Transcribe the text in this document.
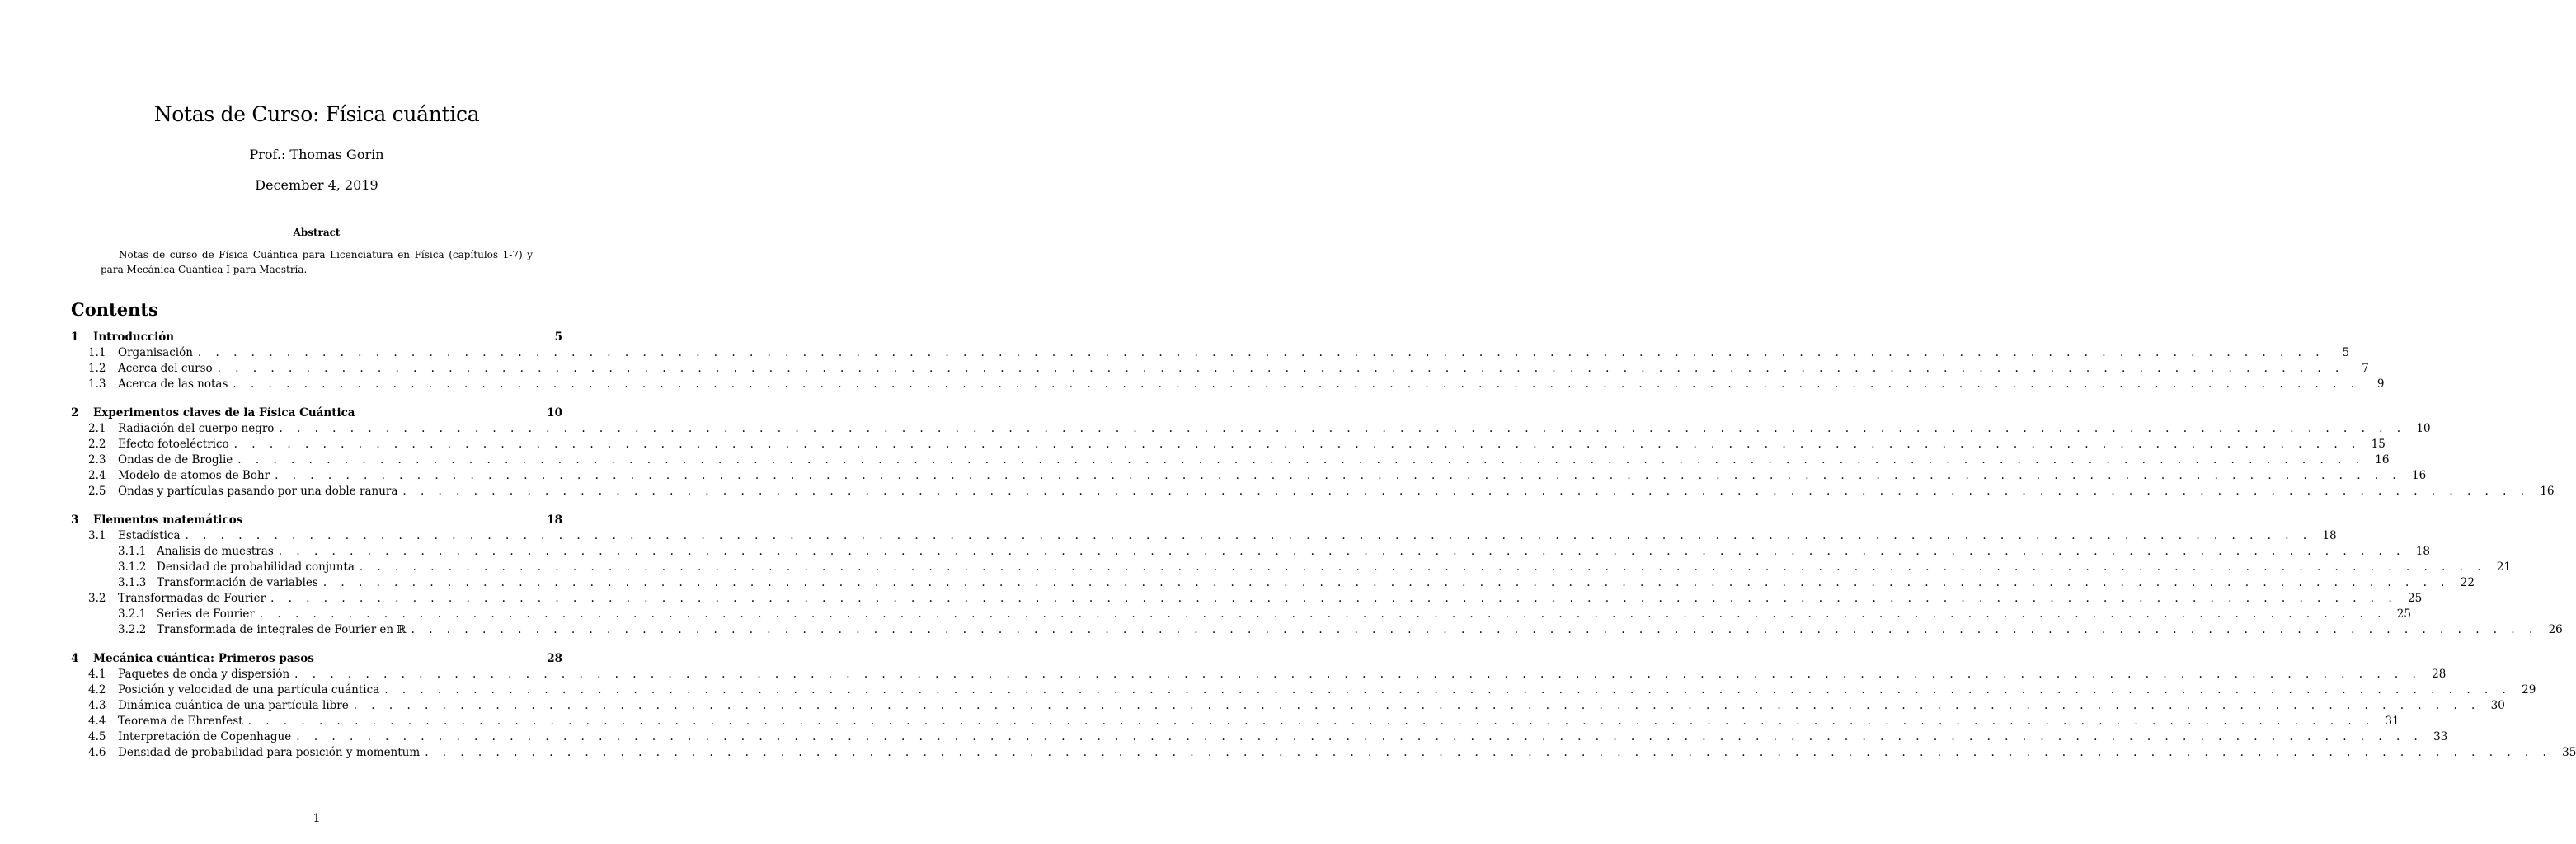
Notas de Curso: Física cuántica
Prof.: Thomas Gorin
December 4, 2019
Abstract
Notas de curso de Física Cuántica para Licenciatura en Física (capítulos 1-7) y para Mecánica Cuántica I para Maestría.
Contents
1	Introducción	5
1.1	Organisación . . . . . . . . . . . . . . . . . . . . . . . . . . . . . . . . . . . . . . . . . . . . . . . . . . . . . . . . . . . . . . . . . . . . . . . . . . . . . . . . . . . . . . . . . . . . . . . . . . . . . . . . . . . . . . . . . . . . . . . .	5
1.2	Acerca del curso . . . . . . . . . . . . . . . . . . . . . . . . . . . . . . . . . . . . . . . . . . . . . . . . . . . . . . . . . . . . . . . . . . . . . . . . . . . . . . . . . . . . . . . . . . . . . . . . . . . . . . . . . . . . . . . . . . . . . . . .	7
1.3	Acerca de las notas . . . . . . . . . . . . . . . . . . . . . . . . . . . . . . . . . . . . . . . . . . . . . . . . . . . . . . . . . . . . . . . . . . . . . . . . . . . . . . . . . . . . . . . . . . . . . . . . . . . . . . . . . . . . . . . . . . . . . . . .	9
2	Experimentos claves de la Física Cuántica	10
2.1	Radiación del cuerpo negro . . . . . . . . . . . . . . . . . . . . . . . . . . . . . . . . . . . . . . . . . . . . . . . . . . . . . . . . . . . . . . . . . . . . . . . . . . . . . . . . . . . . . . . . . . . . . . . . . . . . . . . . . . . . . . . . . . . . . . . . 10
2.2	Efecto fotoeléctrico . . . . . . . . . . . . . . . . . . . . . . . . . . . . . . . . . . . . . . . . . . . . . . . . . . . . . . . . . . . . . . . . . . . . . . . . . . . . . . . . . . . . . . . . . . . . . . . . . . . . . . . . . . . . . . . . . . . . . . . . 15
2.3	Ondas de de Broglie . . . . . . . . . . . . . . . . . . . . . . . . . . . . . . . . . . . . . . . . . . . . . . . . . . . . . . . . . . . . . . . . . . . . . . . . . . . . . . . . . . . . . . . . . . . . . . . . . . . . . . . . . . . . . . . . . . . . . . . . 16
2.4	Modelo de atomos de Bohr . . . . . . . . . . . . . . . . . . . . . . . . . . . . . . . . . . . . . . . . . . . . . . . . . . . . . . . . . . . . . . . . . . . . . . . . . . . . . . . . . . . . . . . . . . . . . . . . . . . . . . . . . . . . . . . . . . . . . . . . 16
2.5	Ondas y partículas pasando por una doble ranura . . . . . . . . . . . . . . . . . . . . . . . . . . . . . . . . . . . . . . . . . . . . . . . . . . . . . . . . . . . . . . . . . . . . . . . . . . . . . . . . . . . . . . . . . . . . . . . . . . . . . . . . . . . . . . . . . . . . . . . . 16
3	Elementos matemáticos	18
3.1	Estadística . . . . . . . . . . . . . . . . . . . . . . . . . . . . . . . . . . . . . . . . . . . . . . . . . . . . . . . . . . . . . . . . . . . . . . . . . . . . . . . . . . . . . . . . . . . . . . . . . . . . . . . . . . . . . . . . . . . . . . . . 18
3.1.1 Analisis de muestras . . . . . . . . . . . . . . . . . . . . . . . . . . . . . . . . . . . . . . . . . . . . . . . . . . . . . . . . . . . . . . . . . . . . . . . . . . . . . . . . . . . . . . . . . . . . . . . . . . . . . . . . . . . . . . . . . . . . . . . . 18
3.1.2 Densidad de probabilidad conjunta . . . . . . . . . . . . . . . . . . . . . . . . . . . . . . . . . . . . . . . . . . . . . . . . . . . . . . . . . . . . . . . . . . . . . . . . . . . . . . . . . . . . . . . . . . . . . . . . . . . . . . . . . . . . . . . . . . . . . . . . 21
3.1.3 Transformación de variables . . . . . . . . . . . . . . . . . . . . . . . . . . . . . . . . . . . . . . . . . . . . . . . . . . . . . . . . . . . . . . . . . . . . . . . . . . . . . . . . . . . . . . . . . . . . . . . . . . . . . . . . . . . . . . . . . . . . . . . . 22
3.2	Transformadas de Fourier . . . . . . . . . . . . . . . . . . . . . . . . . . . . . . . . . . . . . . . . . . . . . . . . . . . . . . . . . . . . . . . . . . . . . . . . . . . . . . . . . . . . . . . . . . . . . . . . . . . . . . . . . . . . . . . . . . . . . . . . 25
3.2.1 Series de Fourier . . . . . . . . . . . . . . . . . . . . . . . . . . . . . . . . . . . . . . . . . . . . . . . . . . . . . . . . . . . . . . . . . . . . . . . . . . . . . . . . . . . . . . . . . . . . . . . . . . . . . . . . . . . . . . . . . . . . . . . . 25
3.2.2 Transformada de integrales de Fourier en ℝ . . . . . . . . . . . . . . . . . . . . . . . . . . . . . . . . . . . . . . . . . . . . . . . . . . . . . . . . . . . . . . . . . . . . . . . . . . . . . . . . . . . . . . . . . . . . . . . . . . . . . . . . . . . . . . . . . . . . . . . . 26
4	Mecánica cuántica: Primeros pasos	28
4.1	Paquetes de onda y dispersión . . . . . . . . . . . . . . . . . . . . . . . . . . . . . . . . . . . . . . . . . . . . . . . . . . . . . . . . . . . . . . . . . . . . . . . . . . . . . . . . . . . . . . . . . . . . . . . . . . . . . . . . . . . . . . . . . . . . . . . . 28
4.2	Posición y velocidad de una partícula cuántica . . . . . . . . . . . . . . . . . . . . . . . . . . . . . . . . . . . . . . . . . . . . . . . . . . . . . . . . . . . . . . . . . . . . . . . . . . . . . . . . . . . . . . . . . . . . . . . . . . . . . . . . . . . . . . . . . . . . . . . . 29
4.3	Dinámica cuántica de una partícula libre . . . . . . . . . . . . . . . . . . . . . . . . . . . . . . . . . . . . . . . . . . . . . . . . . . . . . . . . . . . . . . . . . . . . . . . . . . . . . . . . . . . . . . . . . . . . . . . . . . . . . . . . . . . . . . . . . . . . . . . . 30
4.4	Teorema de Ehrenfest . . . . . . . . . . . . . . . . . . . . . . . . . . . . . . . . . . . . . . . . . . . . . . . . . . . . . . . . . . . . . . . . . . . . . . . . . . . . . . . . . . . . . . . . . . . . . . . . . . . . . . . . . . . . . . . . . . . . . . . . 31
4.5	Interpretación de Copenhague . . . . . . . . . . . . . . . . . . . . . . . . . . . . . . . . . . . . . . . . . . . . . . . . . . . . . . . . . . . . . . . . . . . . . . . . . . . . . . . . . . . . . . . . . . . . . . . . . . . . . . . . . . . . . . . . . . . . . . . . 33
4.6	Densidad de probabilidad para posición y momentum . . . . . . . . . . . . . . . . . . . . . . . . . . . . . . . . . . . . . . . . . . . . . . . . . . . . . . . . . . . . . . . . . . . . . . . . . . . . . . . . . . . . . . . . . . . . . . . . . . . . . . . . . . . . . . . . . . . . . . . . 35
1
